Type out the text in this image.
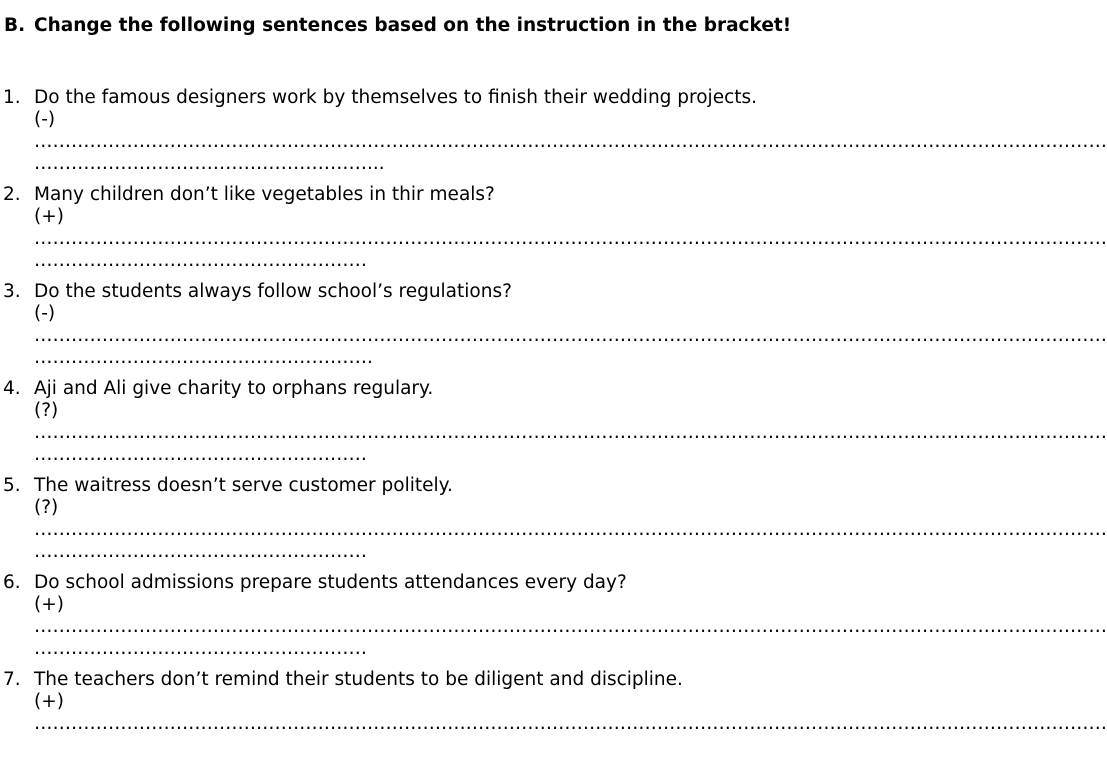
B. Change the following sentences based on the instruction in the bracket!
1. Do the famous designers work by themselves to finish their wedding projects.
(-)
…………………………………………………………………………………………………………………………………………………………
………………………………………………...
2. Many children don’t like vegetables in thir meals?
(+)
…………………………………………………………………………………………………………………………………………………………
………………………………………………
3. Do the students always follow school’s regulations?
(-)
…………………………………………………………………………………………………………………………………………………………
……………………………………………….
4. Aji and Ali give charity to orphans regulary.
(?)
…………………………………………………………………………………………………………………………………………………………
………………………………………………
5. The waitress doesn’t serve customer politely.
(?)
…………………………………………………………………………………………………………………………………………………………
………………………………………………
6. Do school admissions prepare students attendances every day?
(+)
…………………………………………………………………………………………………………………………………………………………
………………………………………………
7. The teachers don’t remind their students to be diligent and discipline.
(+)
…………………………………………………………………………………………………………………………………………………………
